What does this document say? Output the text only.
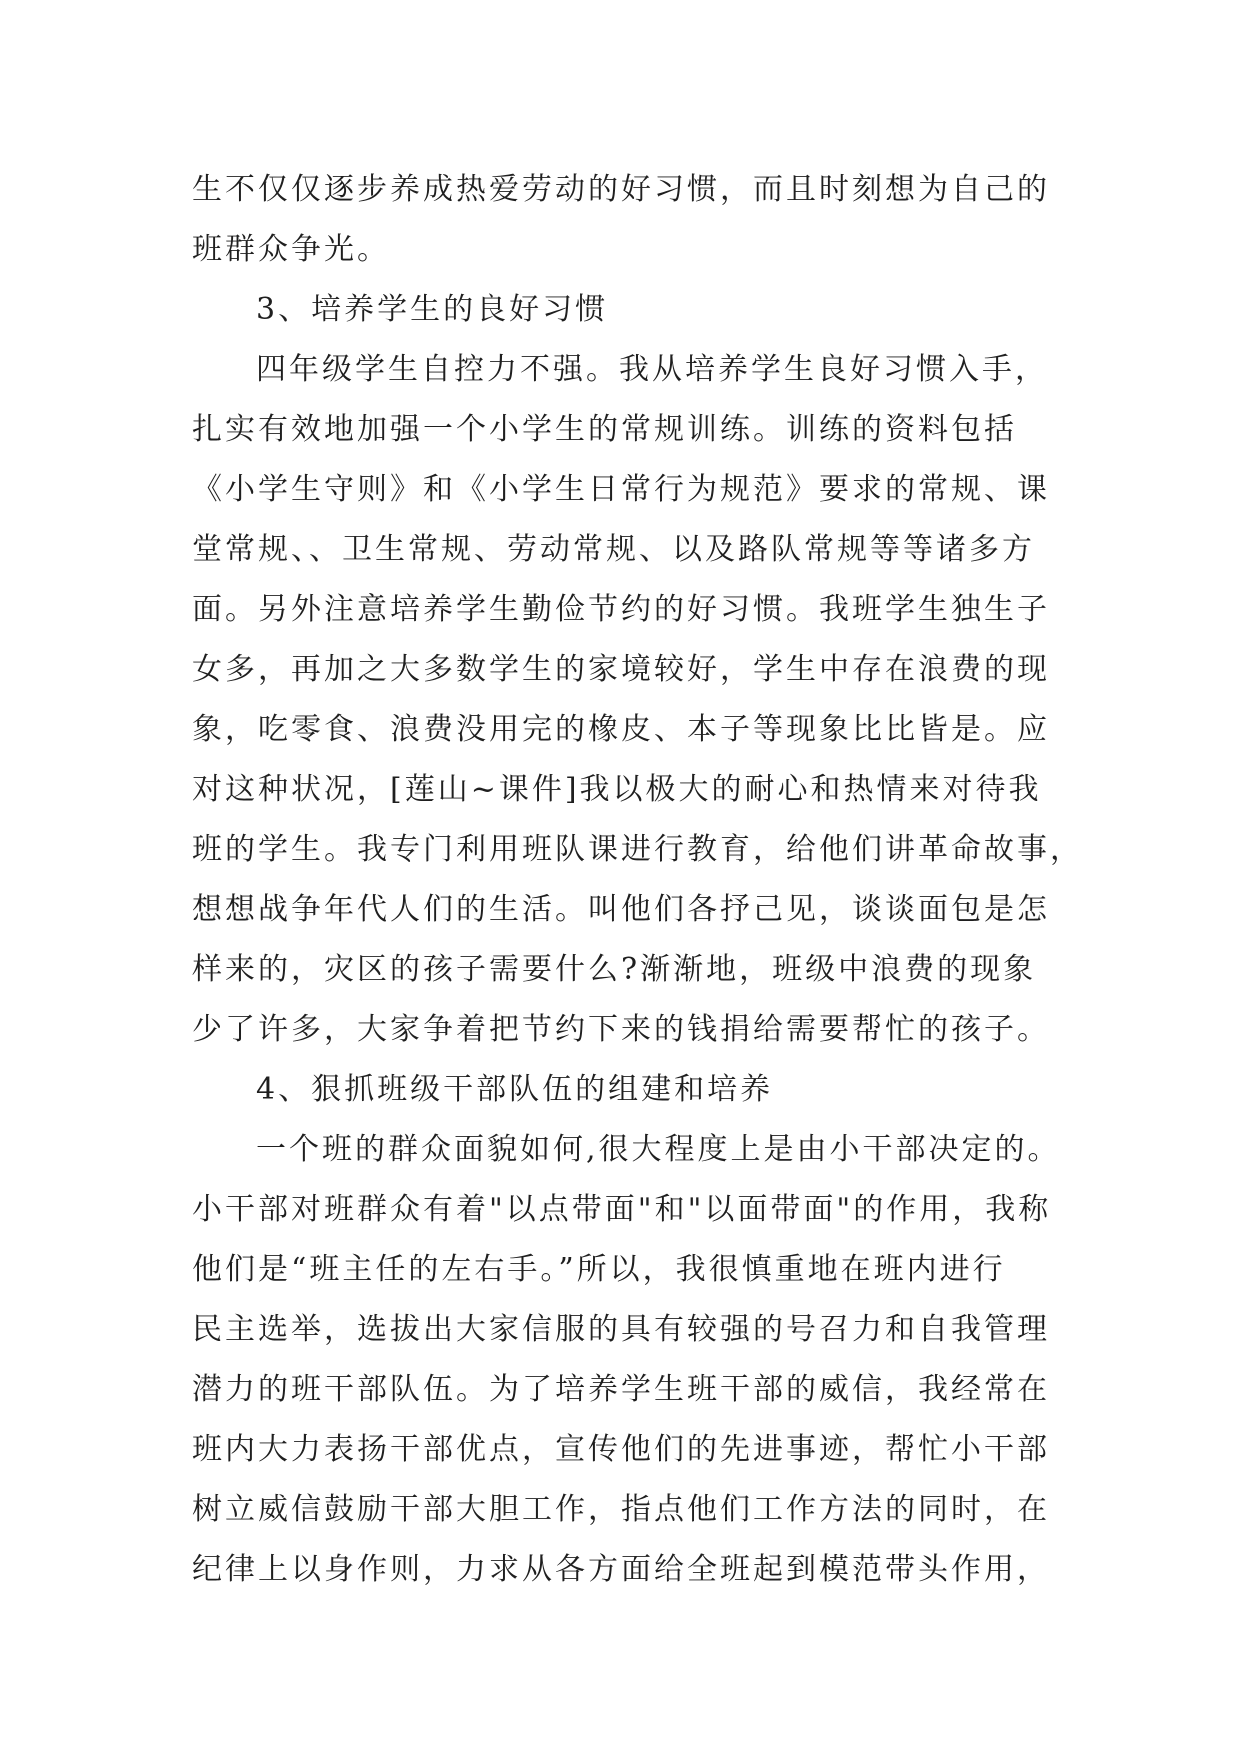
生不仅仅逐步养成热爱劳动的好习惯，而且时刻想为自己的
班群众争光。
3、培养学生的良好习惯
四年级学生自控力不强。我从培养学生良好习惯入手，
扎实有效地加强一个小学生的常规训练。训练的资料包括
《小学生守则》和《小学生日常行为规范》要求的常规、课
堂常规、、卫生常规、劳动常规、以及路队常规等等诸多方
面。另外注意培养学生勤俭节约的好习惯。我班学生独生子
女多，再加之大多数学生的家境较好，学生中存在浪费的现
象，吃零食、浪费没用完的橡皮、本子等现象比比皆是。应
对这种状况，[莲山~课件]我以极大的耐心和热情来对待我
班的学生。我专门利用班队课进行教育，给他们讲革命故事，
想想战争年代人们的生活。叫他们各抒己见，谈谈面包是怎
样来的，灾区的孩子需要什么?渐渐地，班级中浪费的现象
少了许多，大家争着把节约下来的钱捐给需要帮忙的孩子。
4、狠抓班级干部队伍的组建和培养
一个班的群众面貌如何,很大程度上是由小干部决定的。
小干部对班群众有着"以点带面"和"以面带面"的作用，我称
他们是“班主任的左右手。”所以，我很慎重地在班内进行
民主选举，选拔出大家信服的具有较强的号召力和自我管理
潜力的班干部队伍。为了培养学生班干部的威信，我经常在
班内大力表扬干部优点，宣传他们的先进事迹，帮忙小干部
树立威信鼓励干部大胆工作，指点他们工作方法的同时，在
纪律上以身作则，力求从各方面给全班起到模范带头作用，
